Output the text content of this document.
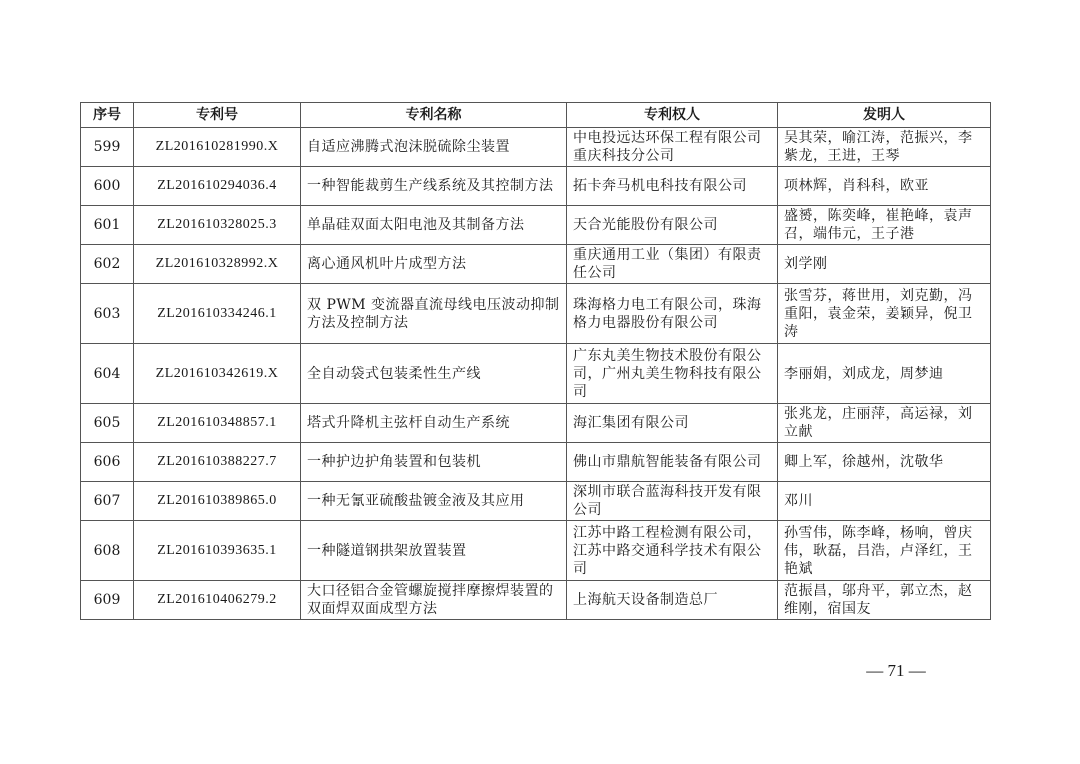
序号	专利号	专利名称	专利权人	发明人
599	ZL201610281990.X	自适应沸腾式泡沫脱硫除尘装置	中电投远达环保工程有限公司重庆科技分公司	吴其荣，喻江涛，范振兴，李紫龙，王进，王琴
600	ZL201610294036.4	一种智能裁剪生产线系统及其控制方法	拓卡奔马机电科技有限公司	项林辉，肖科科，欧亚
601	ZL201610328025.3	单晶硅双面太阳电池及其制备方法	天合光能股份有限公司	盛赟，陈奕峰，崔艳峰，袁声召，端伟元，王子港
602	ZL201610328992.X	离心通风机叶片成型方法	重庆通用工业（集团）有限责任公司	刘学刚
603	ZL201610334246.1	双 PWM 变流器直流母线电压波动抑制方法及控制方法	珠海格力电工有限公司，珠海格力电器股份有限公司	张雪芬，蒋世用，刘克勤，冯重阳，袁金荣，姜颖异，倪卫涛
604	ZL201610342619.X	全自动袋式包装柔性生产线	广东丸美生物技术股份有限公司，广州丸美生物科技有限公司	李丽娟，刘成龙，周梦迪
605	ZL201610348857.1	塔式升降机主弦杆自动生产系统	海汇集团有限公司	张兆龙，庄丽萍，高运禄，刘立献
606	ZL201610388227.7	一种护边护角装置和包装机	佛山市鼎航智能装备有限公司	卿上军，徐越州，沈敬华
607	ZL201610389865.0	一种无氰亚硫酸盐镀金液及其应用	深圳市联合蓝海科技开发有限公司	邓川
608	ZL201610393635.1	一种隧道钢拱架放置装置	江苏中路工程检测有限公司，江苏中路交通科学技术有限公司	孙雪伟，陈李峰，杨响，曾庆伟，耿磊，吕浩，卢泽红，王艳斌
609	ZL201610406279.2	大口径铝合金管螺旋搅拌摩擦焊装置的双面焊双面成型方法	上海航天设备制造总厂	范振昌，邬舟平，郭立杰，赵维刚，宿国友
— 71 —
